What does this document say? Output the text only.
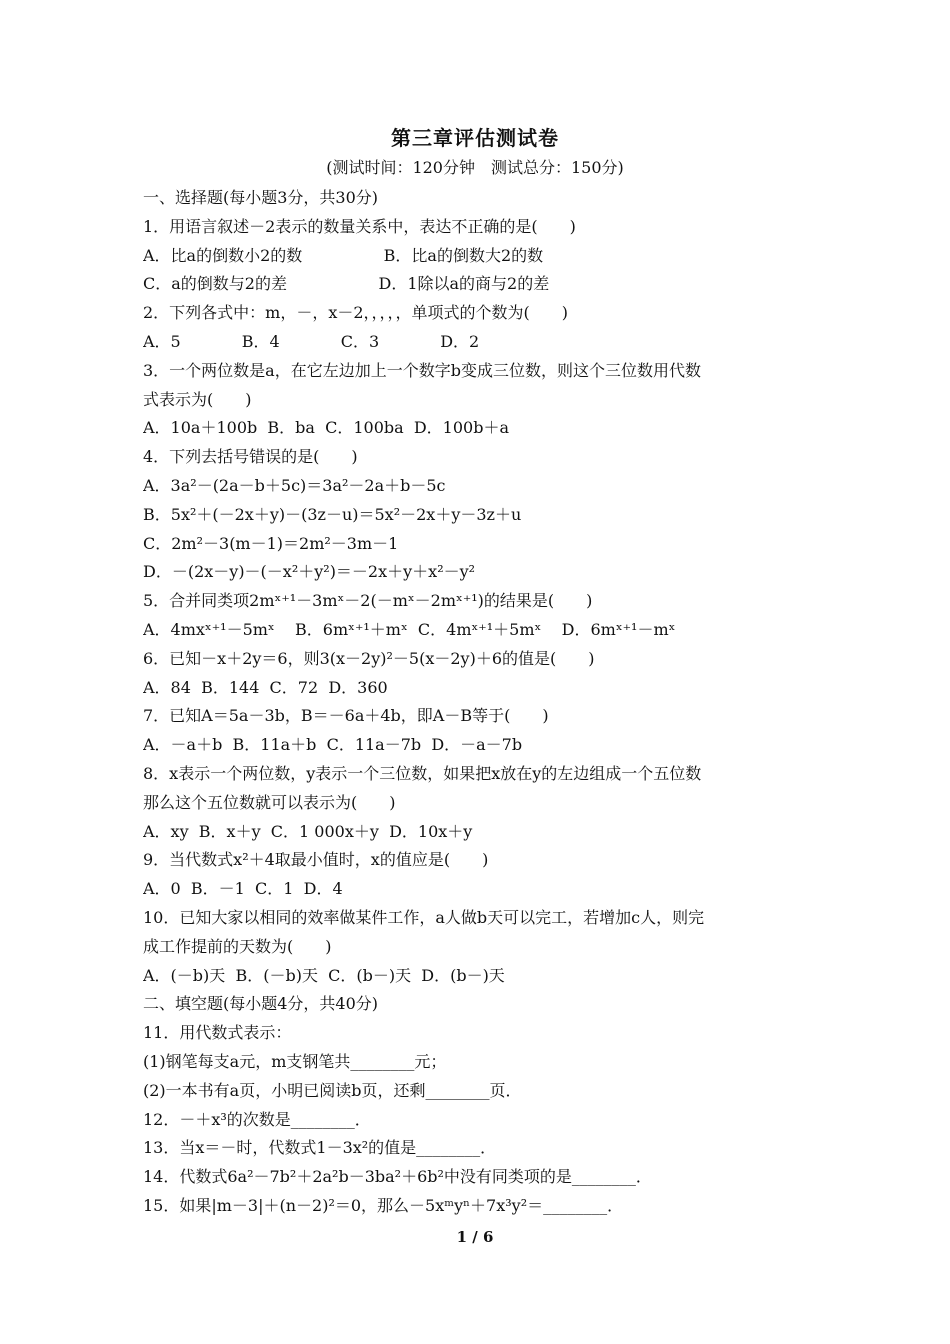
第三章评估测试卷
(测试时间：120分钟　测试总分：150分)
一、选择题(每小题3分，共30分)
1．用语言叙述－2表示的数量关系中，表达不正确的是(　　)
A．比a的倒数小2的数                B．比a的倒数大2的数
C．a的倒数与2的差                  D．1除以a的商与2的差
2．下列各式中：m，－，x－2，，，，，单项式的个数为(　　)
A．5            B．4            C．3            D．2
3．一个两位数是a，在它左边加上一个数字b变成三位数，则这个三位数用代数
式表示为(　　)
A．10a＋100b  B．ba  C．100ba  D．100b＋a
4．下列去括号错误的是(　　)
A．3a²－(2a－b＋5c)＝3a²－2a＋b－5c
B．5x²＋(－2x＋y)－(3z－u)＝5x²－2x＋y－3z＋u
C．2m²－3(m－1)＝2m²－3m－1
D．－(2x－y)－(－x²＋y²)＝－2x＋y＋x²－y²
5．合并同类项2mˣ⁺¹－3mˣ－2(－mˣ－2mˣ⁺¹)的结果是(　　)
A．4mxˣ⁺¹－5mˣ    B．6mˣ⁺¹＋mˣ  C．4mˣ⁺¹＋5mˣ    D．6mˣ⁺¹－mˣ
6．已知－x＋2y＝6，则3(x－2y)²－5(x－2y)＋6的值是(　　)
A．84  B．144  C．72  D．360
7．已知A＝5a－3b，B＝－6a＋4b，即A－B等于(　　)
A．－a＋b  B．11a＋b  C．11a－7b  D．－a－7b
8．x表示一个两位数，y表示一个三位数，如果把x放在y的左边组成一个五位数
那么这个五位数就可以表示为(　　)
A．xy  B．x＋y  C．1 000x＋y  D．10x＋y
9．当代数式x²＋4取最小值时，x的值应是(　　)
A．0  B．－1  C．1  D．4
10．已知大家以相同的效率做某件工作，a人做b天可以完工，若增加c人，则完
成工作提前的天数为(　　)
A．(－b)天  B．(－b)天  C．(b－)天  D．(b－)天
二、填空题(每小题4分，共40分)
11．用代数式表示：
(1)钢笔每支a元，m支钢笔共________元；
(2)一本书有a页，小明已阅读b页，还剩________页．
12．－＋x³的次数是________．
13．当x＝－时，代数式1－3x²的值是________．
14．代数式6a²－7b²＋2a²b－3ba²＋6b²中没有同类项的是________．
15．如果|m－3|＋(n－2)²＝0，那么－5xᵐyⁿ＋7x³y²＝________．
1 / 6
